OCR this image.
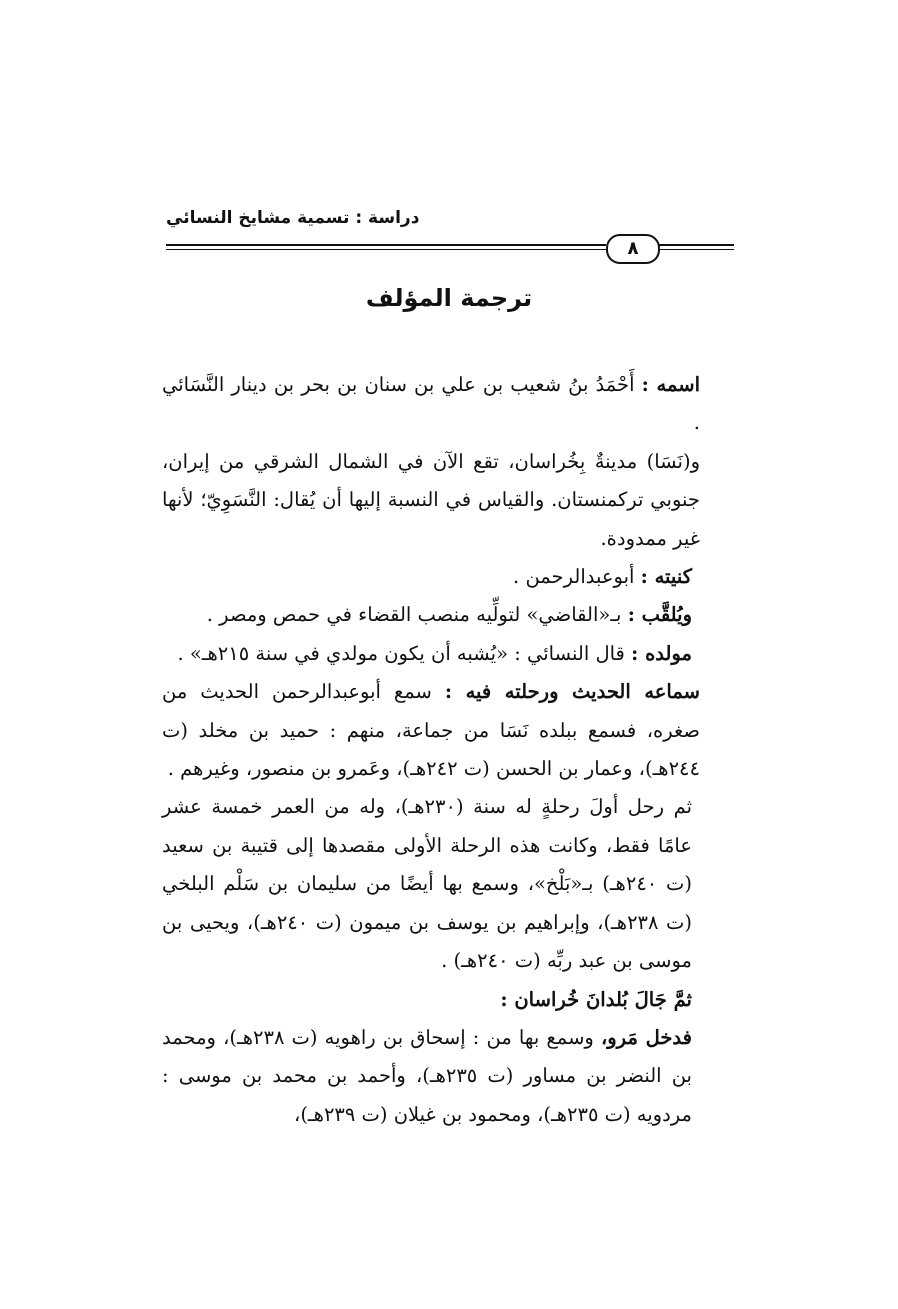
دراسة : تسمية مشايخ النسائي
٨
ترجمة المؤلف

اسمه : أَحْمَدُ بنُ شعيب بن علي بن سنان بن بحر بن دينار النَّسَائي .

و(نَسَا) مدينةٌ بِخُراسان، تقع الآن في الشمال الشرقي من إيران، جنوبي تركمنستان. والقياس في النسبة إليها أن يُقال: النَّسَوِيّ؛ لأنها غير ممدودة.

كنيته : أبوعبدالرحمن .

ويُلقَّب : بـ«القاضي» لتولِّيه منصب القضاء في حمص ومصر .

مولده : قال النسائي : «يُشبه أن يكون مولدي في سنة ٢١٥هـ» .

سماعه الحديث ورحلته فيه : سمع أبوعبدالرحمن الحديث من صغره، فسمع ببلده نَسَا من جماعة، منهم : حميد بن مخلد (ت ٢٤٤هـ)، وعمار بن الحسن (ت ٢٤٢هـ)، وعَمرو بن منصور، وغيرهم .

ثم رحل أولَ رحلةٍ له سنة (٢٣٠هـ)، وله من العمر خمسة عشر عامًا فقط، وكانت هذه الرحلة الأولى مقصدها إلى قتيبة بن سعيد (ت ٢٤٠هـ) بـ«بَلْخ»، وسمع بها أيضًا من سليمان بن سَلْم البلخي (ت ٢٣٨هـ)، وإبراهيم بن يوسف بن ميمون (ت ٢٤٠هـ)، ويحيى بن موسى بن عبد ربِّه (ت ٢٤٠هـ) .

ثمَّ جَالَ بُلدانَ خُراسان :

فدخل مَرو، وسمع بها من : إسحاق بن راهويه (ت ٢٣٨هـ)، ومحمد بن النضر بن مساور (ت ٢٣٥هـ)، وأحمد بن محمد بن موسى : مردويه (ت ٢٣٥هـ)، ومحمود بن غيلان (ت ٢٣٩هـ)،
